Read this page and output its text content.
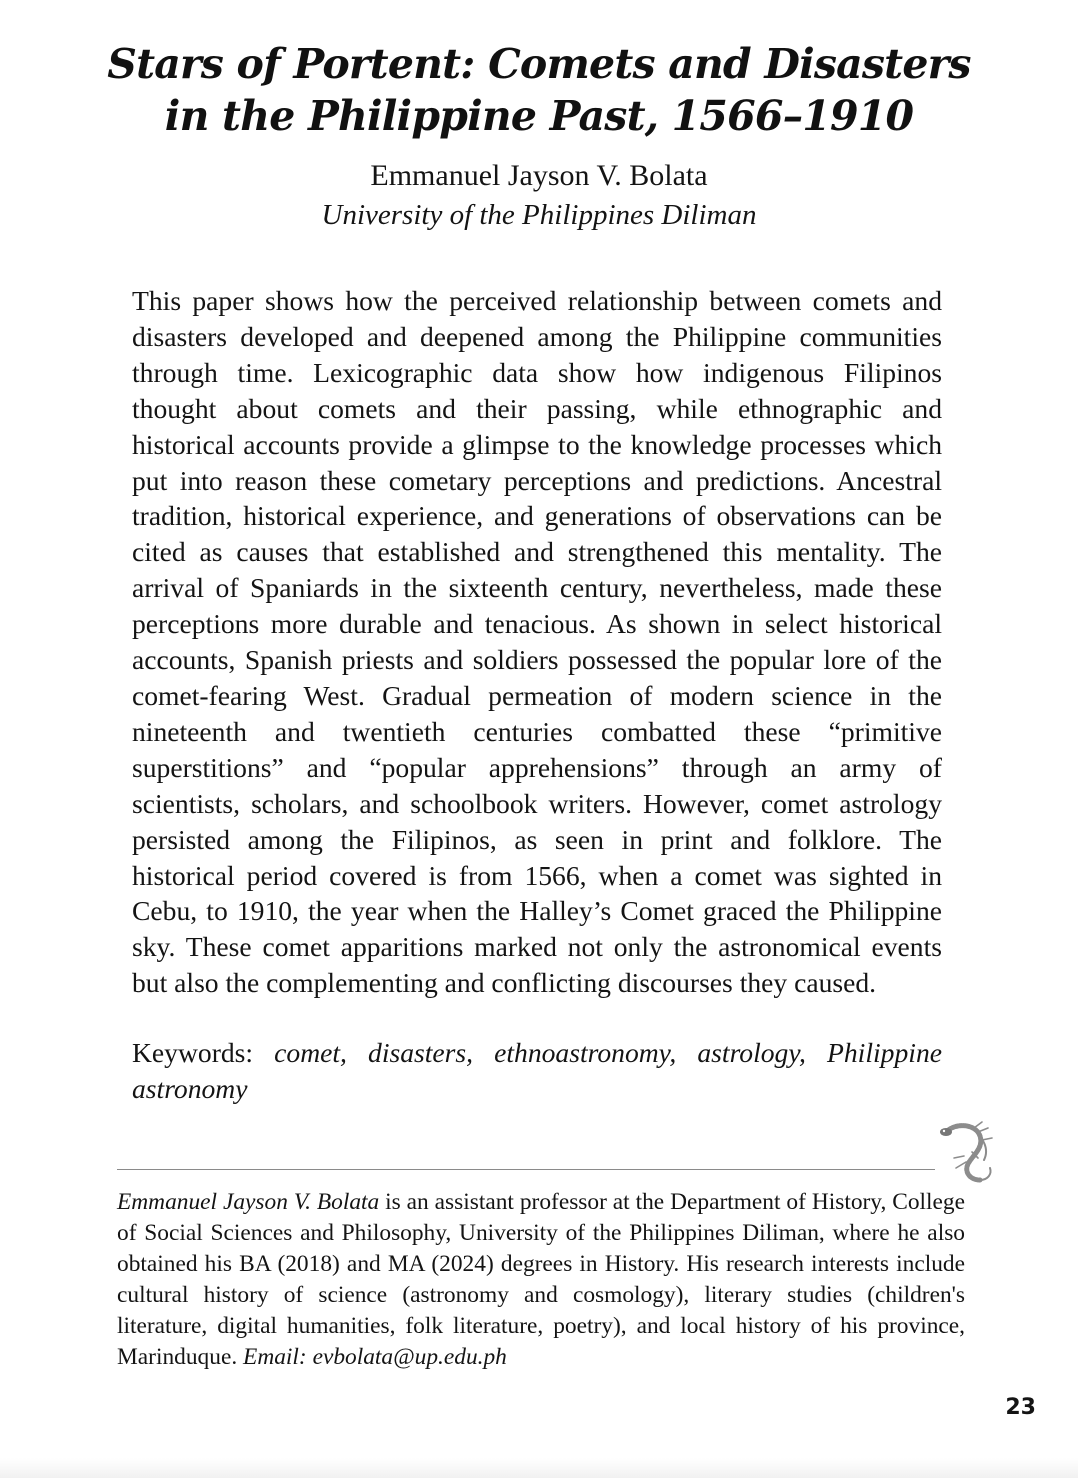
Stars of Portent: Comets and Disasters
in the Philippine Past, 1566–1910
Emmanuel Jayson V. Bolata
University of the Philippines Diliman

This paper shows how the perceived relationship between comets and disasters developed and deepened among the Philippine communities through time. Lexicographic data show how indigenous Filipinos thought about comets and their passing, while ethnographic and historical accounts provide a glimpse to the knowledge processes which put into reason these cometary perceptions and predictions. Ancestral tradition, historical experience, and generations of observations can be cited as causes that established and strengthened this mentality. The arrival of Spaniards in the sixteenth century, nevertheless, made these perceptions more durable and tenacious. As shown in select historical accounts, Spanish priests and soldiers possessed the popular lore of the comet-fearing West. Gradual permeation of modern science in the nineteenth and twentieth centuries combatted these “primitive superstitions” and “popular apprehensions” through an army of scientists, scholars, and schoolbook writers. However, comet astrology persisted among the Filipinos, as seen in print and folklore. The historical period covered is from 1566, when a comet was sighted in Cebu, to 1910, the year when the Halley’s Comet graced the Philippine sky. These comet apparitions marked not only the astronomical events but also the complementing and conflicting discourses they caused.

Keywords: comet, disasters, ethnoastronomy, astrology, Philippine astronomy

Emmanuel Jayson V. Bolata is an assistant professor at the Department of History, College of Social Sciences and Philosophy, University of the Philippines Diliman, where he also obtained his BA (2018) and MA (2024) degrees in History. His research interests include cultural history of science (astronomy and cosmology), literary studies (children's literature, digital humanities, folk literature, poetry), and local history of his province, Marinduque. Email: evbolata@up.edu.ph

23
